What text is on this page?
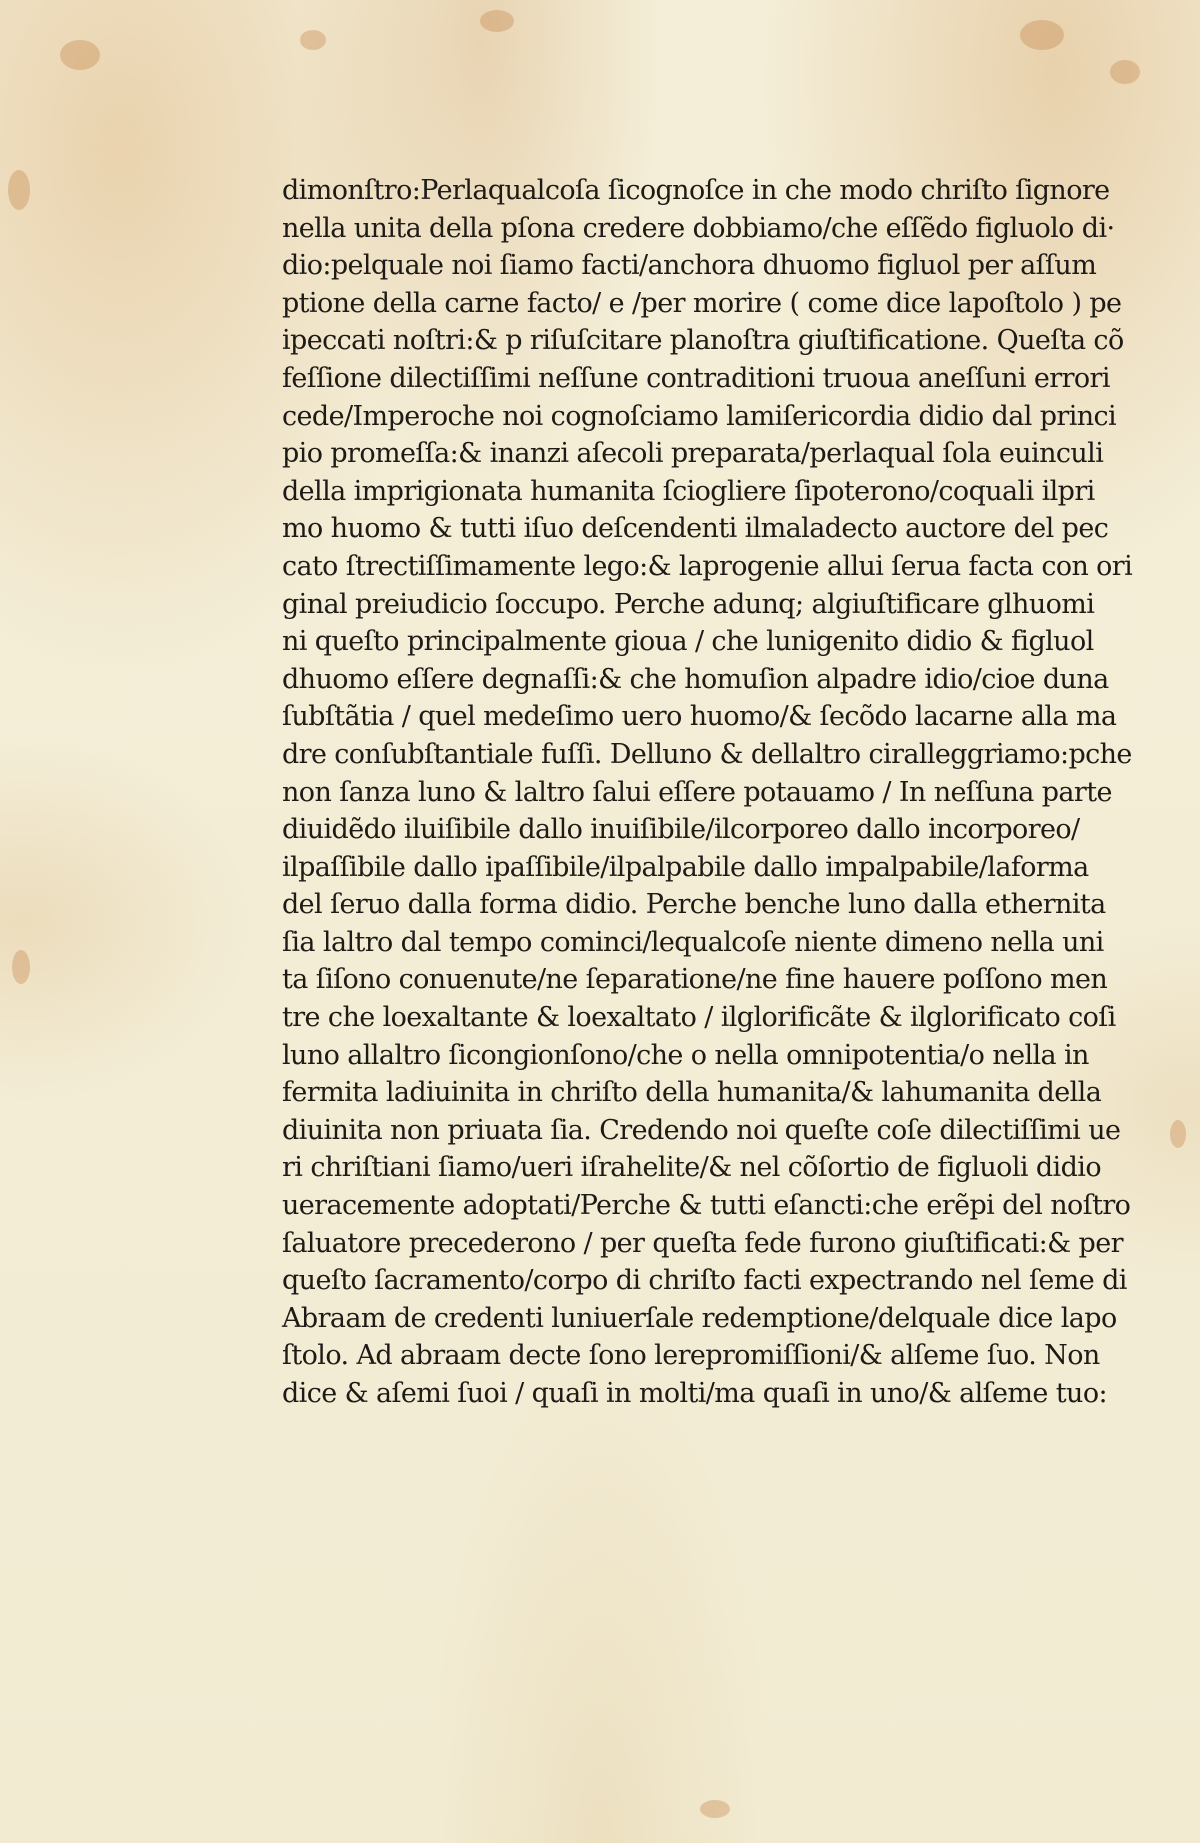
dimonſtro:Perlaqualcoſa ſicognoſce in che modo chriſto ſignore
nella unita della pſona credere dobbiamo/che eſſẽdo figluolo di·
dio:pelquale noi ſiamo facti/anchora dhuomo figluol per aſſum
ptione della carne facto/ e /per morire ( come dice lapoſtolo ) pe
ipeccati noſtri:& p riſuſcitare planoſtra giuſtificatione. Queſta cõ
feſſione dilectiſſimi neſſune contraditioni truoua aneſſuni errori
cede/Imperoche noi cognoſciamo lamiſericordia didio dal princi
pio promeſſa:& inanzi aſecoli preparata/perlaqual ſola euinculi
della imprigionata humanita ſciogliere ſipoterono/coquali ilpri
mo huomo & tutti iſuo deſcendenti ilmaladecto auctore del pec
cato ſtrectiſſimamente lego:& laprogenie allui ſerua facta con ori
ginal preiudicio ſoccupo. Perche adunq; algiuſtificare glhuomi
ni queſto principalmente gioua / che lunigenito didio & figluol
dhuomo eſſere degnaſſi:& che homuſion alpadre idio/cioe duna
ſubſtãtia / quel medeſimo uero huomo/& ſecõdo lacarne alla ma
dre conſubſtantiale fuſſi. Delluno & dellaltro ciralleggriamo:pche
non ſanza luno & laltro ſalui eſſere potauamo / In neſſuna parte
diuidẽdo iluiſibile dallo inuiſibile/ilcorporeo dallo incorporeo/
ilpaſſibile dallo ipaſſibile/ilpalpabile dallo impalpabile/laforma
del ſeruo dalla forma didio. Perche benche luno dalla ethernita
ſia laltro dal tempo cominci/lequalcoſe niente dimeno nella uni
ta ſiſono conuenute/ne ſeparatione/ne fine hauere poſſono men
tre che loexaltante & loexaltato / ilglorificãte & ilglorificato coſi
luno allaltro ſicongionſono/che o nella omnipotentia/o nella in
fermita ladiuinita in chriſto della humanita/& lahumanita della
diuinita non priuata ſia. Credendo noi queſte coſe dilectiſſimi ue
ri chriſtiani ſiamo/ueri iſrahelite/& nel cõſortio de figluoli didio
ueracemente adoptati/Perche & tutti eſancti:che erẽpi del noſtro
ſaluatore precederono / per queſta fede furono giuſtificati:& per
queſto ſacramento/corpo di chriſto facti expectrando nel ſeme di
Abraam de credenti luniuerſale redemptione/delquale dice lapo
ſtolo. Ad abraam decte ſono lerepromiſſioni/& alſeme ſuo. Non
dice & aſemi ſuoi / quaſi in molti/ma quaſi in uno/& alſeme tuo:
